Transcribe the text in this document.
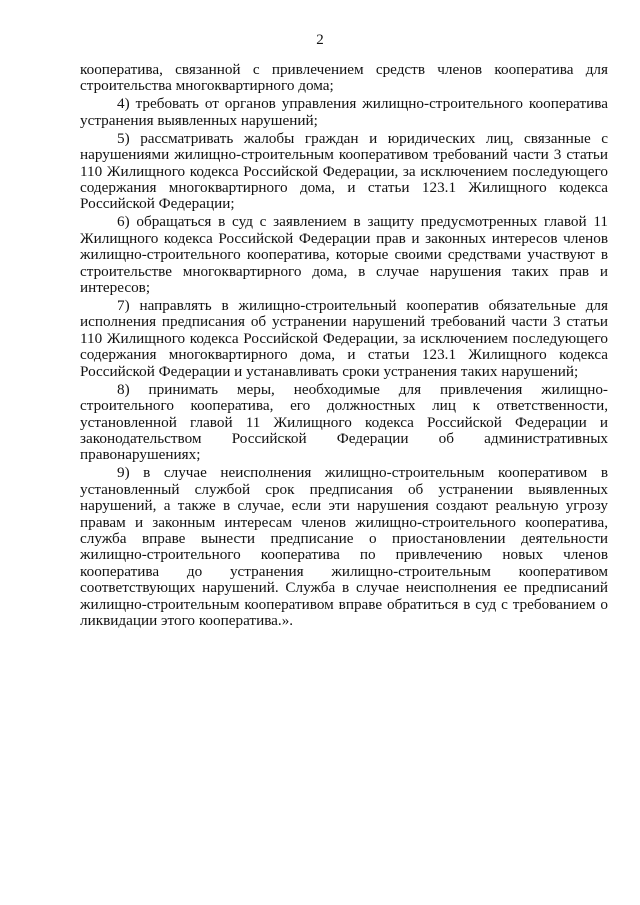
2

кооператива, связанной с привлечением средств членов кооператива для строительства многоквартирного дома;

4) требовать от органов управления жилищно-строительного кооператива устранения выявленных нарушений;

5) рассматривать жалобы граждан и юридических лиц, связанные с нарушениями жилищно-строительным кооперативом требований части 3 статьи 110 Жилищного кодекса Российской Федерации, за исключением последующего содержания многоквартирного дома, и статьи 123.1 Жилищного кодекса Российской Федерации;

6) обращаться в суд с заявлением в защиту предусмотренных главой 11 Жилищного кодекса Российской Федерации прав и законных интересов членов жилищно-строительного кооператива, которые своими средствами участвуют в строительстве многоквартирного дома, в случае нарушения таких прав и интересов;

7) направлять в жилищно-строительный кооператив обязательные для исполнения предписания об устранении нарушений требований части 3 статьи 110 Жилищного кодекса Российской Федерации, за исключением последующего содержания многоквартирного дома, и статьи 123.1 Жилищного кодекса Российской Федерации и устанавливать сроки устранения таких нарушений;

8) принимать меры, необходимые для привлечения жилищно-строительного кооператива, его должностных лиц к ответственности, установленной главой 11 Жилищного кодекса Российской Федерации и законодательством Российской Федерации об административных правонарушениях;

9) в случае неисполнения жилищно-строительным кооперативом в установленный службой срок предписания об устранении выявленных нарушений, а также в случае, если эти нарушения создают реальную угрозу правам и законным интересам членов жилищно-строительного кооператива, служба вправе вынести предписание о приостановлении деятельности жилищно-строительного кооператива по привлечению новых членов кооператива до устранения жилищно-строительным кооперативом соответствующих нарушений. Служба в случае неисполнения ее предписаний жилищно-строительным кооперативом вправе обратиться в суд с требованием о ликвидации этого кооператива.».
